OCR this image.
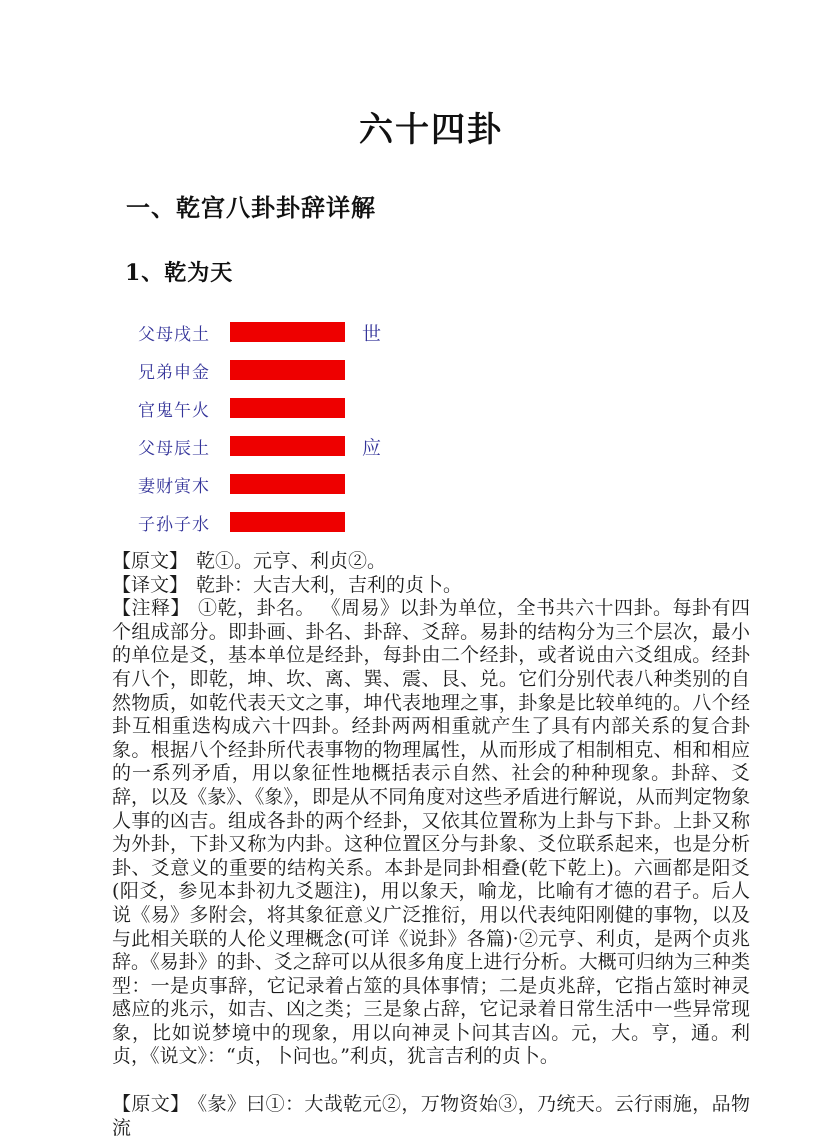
六十四卦
一、乾宫八卦卦辞详解
1、乾为天
父母戌土	世
兄弟申金
官鬼午火
父母辰土	应
妻财寅木
子孙子水

【原文】 乾①。元亨、利贞②。

【译文】 乾卦：大吉大利，吉利的贞卜。

【注释】 ①乾，卦名。 《周易》以卦为单位，全书共六十四卦。每卦有四个组成部分。即卦画、卦名、卦辞、爻辞。易卦的结构分为三个层次，最小的单位是爻，基本单位是经卦，每卦由二个经卦，或者说由六爻组成。经卦有八个，即乾，坤、坎、离、巽、震、艮、兑。它们分别代表八种类别的自然物质，如乾代表天文之事，坤代表地理之事，卦象是比较单纯的。八个经卦互相重迭构成六十四卦。经卦两两相重就产生了具有内部关系的复合卦象。根据八个经卦所代表事物的物理属性，从而形成了相制相克、相和相应的一系列矛盾，用以象征性地概括表示自然、社会的种种现象。卦辞、爻辞，以及《彖》、《象》，即是从不同角度对这些矛盾进行解说，从而判定物象人事的凶吉。组成各卦的两个经卦，又依其位置称为上卦与下卦。上卦又称为外卦，下卦又称为内卦。这种位置区分与卦象、爻位联系起来，也是分析卦、爻意义的重要的结构关系。本卦是同卦相叠(乾下乾上)。六画都是阳爻(阳爻，参见本卦初九爻题注)，用以象天，喻龙，比喻有才德的君子。后人说《易》多附会，将其象征意义广泛推衍，用以代表纯阳刚健的事物，以及与此相关联的人伦义理概念(可详《说卦》各篇)·②元亨、利贞，是两个贞兆辞。《易卦》的卦、爻之辞可以从很多角度上进行分析。大概可归纳为三种类型：一是贞事辞，它记录着占筮的具体事情；二是贞兆辞，它指占筮时神灵感应的兆示，如吉、凶之类；三是象占辞，它记录着日常生活中一些异常现象，比如说梦境中的现象，用以向神灵卜问其吉凶。元，大。亨，通。利贞，《说文》：“贞，卜问也。”利贞，犹言吉利的贞卜。

【原文】 《彖》曰①：大哉乾元②，万物资始③，乃统天。云行雨施，品物流
